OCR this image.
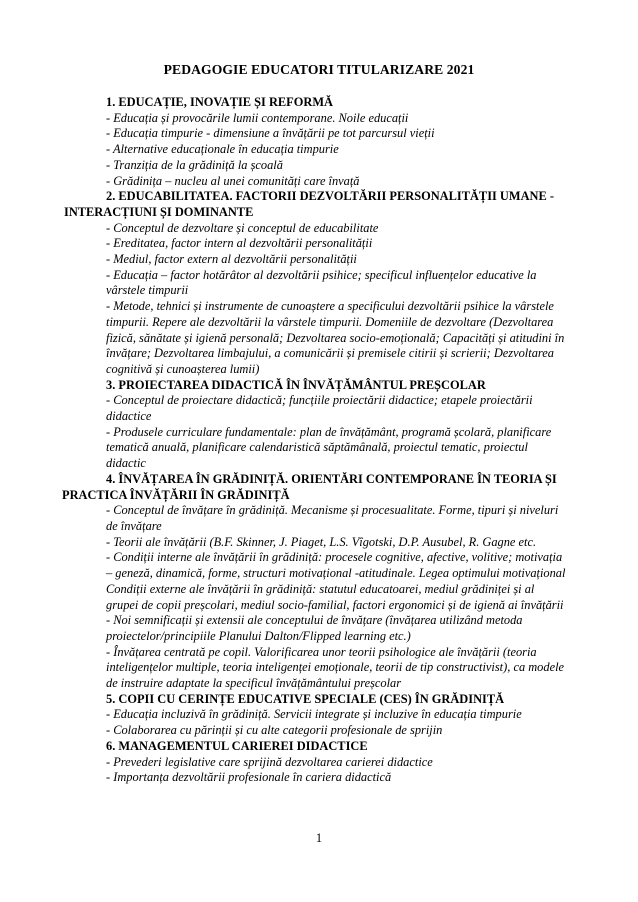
PEDAGOGIE EDUCATORI TITULARIZARE 2021
1. EDUCAȚIE, INOVAȚIE ȘI REFORMĂ
- Educația și provocările lumii contemporane. Noile educații
- Educația timpurie - dimensiune a învățării pe tot parcursul vieții
- Alternative educaționale în educația timpurie
- Tranziția de la grădiniță la școală
- Grădinița – nucleu al unei comunități care învață
2. EDUCABILITATEA. FACTORII DEZVOLTĂRII PERSONALITĂȚII UMANE -INTERACȚIUNI ȘI DOMINANTE
- Conceptul de dezvoltare și conceptul de educabilitate
- Ereditatea, factor intern al dezvoltării personalității
- Mediul, factor extern al dezvoltării personalității
- Educația – factor hotărâtor al dezvoltării psihice; specificul influențelor educative la vârstele timpurii
- Metode, tehnici și instrumente de cunoaștere a specificului dezvoltării psihice la vârstele timpurii. Repere ale dezvoltării la vârstele timpurii. Domeniile de dezvoltare (Dezvoltarea fizică, sănătate și igienă personală; Dezvoltarea socio-emoțională; Capacități și atitudini în învățare; Dezvoltarea limbajului, a comunicării și premisele citirii și scrierii; Dezvoltarea cognitivă și cunoașterea lumii)
3. PROIECTAREA DIDACTICĂ ÎN ÎNVĂȚĂMÂNTUL PREȘCOLAR
- Conceptul de proiectare didactică; funcțiile proiectării didactice; etapele proiectării didactice
- Produsele curriculare fundamentale: plan de învățământ, programă școlară, planificare tematică anuală, planificare calendaristică săptămânală, proiectul tematic, proiectul didactic
4. ÎNVĂȚAREA ÎN GRĂDINIȚĂ. ORIENTĂRI CONTEMPORANE ÎN TEORIA ȘI PRACTICA ÎNVĂȚĂRII ÎN GRĂDINIȚĂ
- Conceptul de învățare în grădiniță. Mecanisme și procesualitate. Forme, tipuri și niveluri de învățare
- Teorii ale învățării (B.F. Skinner, J. Piaget, L.S. Vîgotski, D.P. Ausubel, R. Gagne etc.
- Condiții interne ale învățării în grădiniță: procesele cognitive, afective, volitive; motivația – geneză, dinamică, forme, structuri motivațional -atitudinale. Legea optimului motivațional
Condiții externe ale învățării în grădiniță: statutul educatoarei, mediul grădiniței și al grupei de copii preșcolari, mediul socio-familial, factori ergonomici și de igienă ai învățării
- Noi semnificații și extensii ale conceptului de învățare (învățarea utilizând metoda proiectelor/principiile Planului Dalton/Flipped learning etc.)
- Învățarea centrată pe copil. Valorificarea unor teorii psihologice ale învățării (teoria inteligențelor multiple, teoria inteligenței emoționale, teorii de tip constructivist), ca modele de instruire adaptate la specificul învățământului preșcolar
5. COPII CU CERINȚE EDUCATIVE SPECIALE (CES) ÎN GRĂDINIȚĂ
- Educația incluzivă în grădiniță. Servicii integrate și incluzive în educația timpurie
- Colaborarea cu părinții și cu alte categorii profesionale de sprijin
6. MANAGEMENTUL CARIEREI DIDACTICE
- Prevederi legislative care sprijină dezvoltarea carierei didactice
- Importanța dezvoltării profesionale în cariera didactică
1
